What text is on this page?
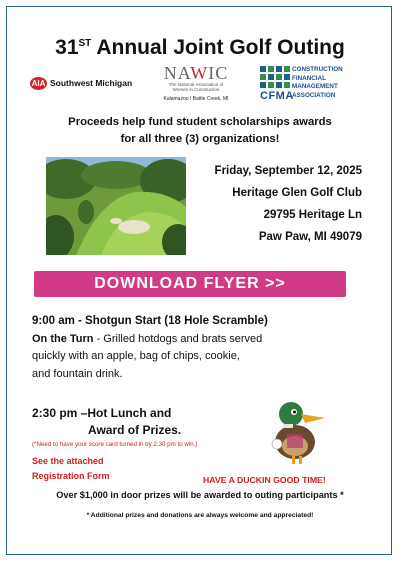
31ST Annual Joint Golf Outing
AIA Southwest Michigan	NAWIC
The National Association of
Women in Construction
Kalamazoo / Battle Creek, MI	CFMA
CONSTRUCTION
FINANCIAL
MANAGEMENT
ASSOCIATION
Proceeds help fund student scholarships awards
for all three (3) organizations!
Friday, September 12, 2025
Heritage Glen Golf Club
29795 Heritage Ln
Paw Paw, MI 49079
DOWNLOAD FLYER >>
9:00 am - Shotgun Start (18 Hole Scramble)
On the Turn - Grilled hotdogs and brats served
quickly with an apple, bag of chips, cookie,
and fountain drink.
2:30 pm –Hot Lunch and
Award of Prizes.
(*Need to have your score card turned in by 2:30 pm to win.)
See the attached
Registration Form	HAVE A DUCKIN GOOD TIME!
Over $1,000 in door prizes will be awarded to outing participants *
* Additional prizes and donations are always welcome and appreciated!
